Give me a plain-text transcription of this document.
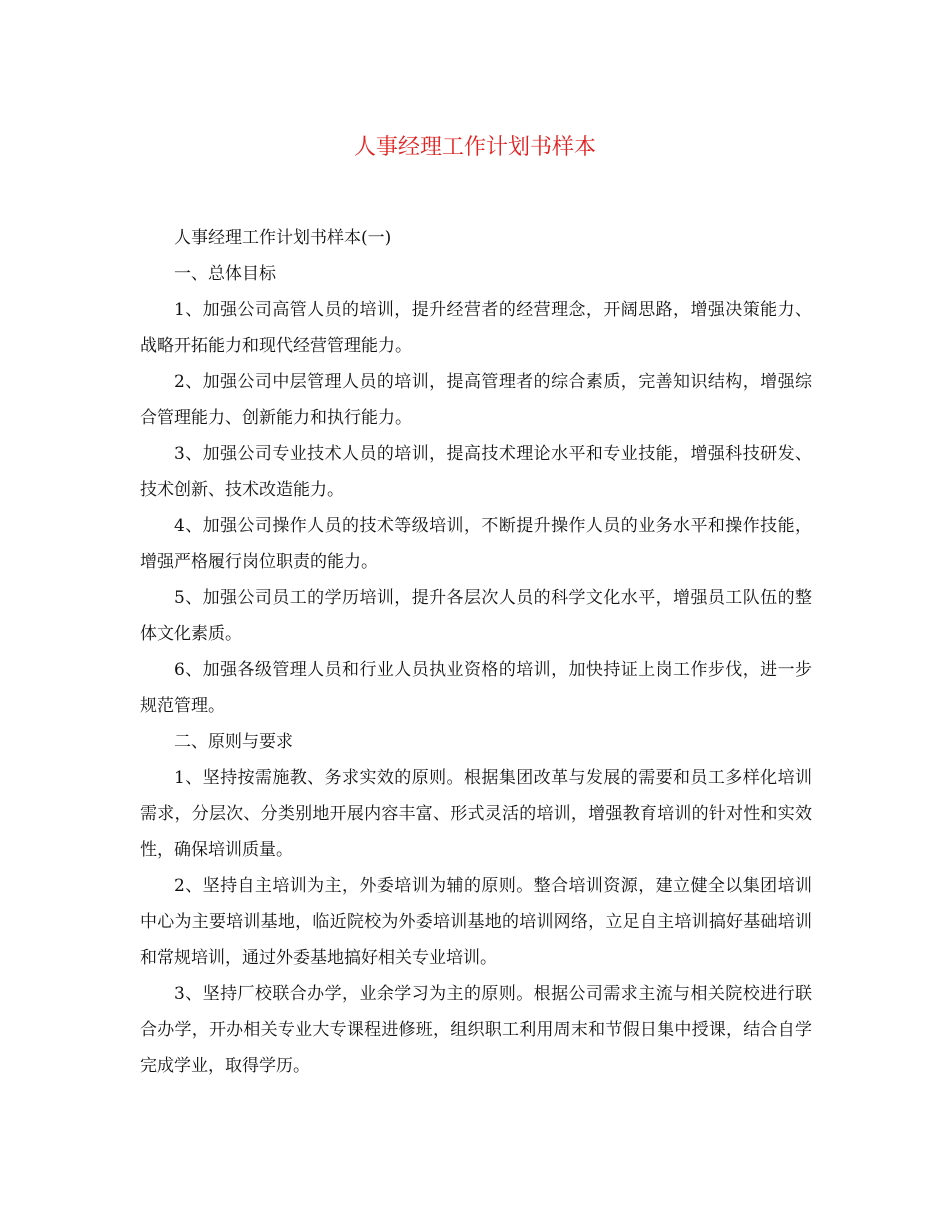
人事经理工作计划书样本

人事经理工作计划书样本(一)

一、总体目标

1、加强公司高管人员的培训，提升经营者的经营理念，开阔思路，增强决策能力、战略开拓能力和现代经营管理能力。

2、加强公司中层管理人员的培训，提高管理者的综合素质，完善知识结构，增强综合管理能力、创新能力和执行能力。

3、加强公司专业技术人员的培训，提高技术理论水平和专业技能，增强科技研发、技术创新、技术改造能力。

4、加强公司操作人员的技术等级培训，不断提升操作人员的业务水平和操作技能，增强严格履行岗位职责的能力。

5、加强公司员工的学历培训，提升各层次人员的科学文化水平，增强员工队伍的整体文化素质。

6、加强各级管理人员和行业人员执业资格的培训，加快持证上岗工作步伐，进一步规范管理。

二、原则与要求

1、坚持按需施教、务求实效的原则。根据集团改革与发展的需要和员工多样化培训需求，分层次、分类别地开展内容丰富、形式灵活的培训，增强教育培训的针对性和实效性，确保培训质量。

2、坚持自主培训为主，外委培训为辅的原则。整合培训资源，建立健全以集团培训中心为主要培训基地，临近院校为外委培训基地的培训网络，立足自主培训搞好基础培训和常规培训，通过外委基地搞好相关专业培训。

3、坚持厂校联合办学，业余学习为主的原则。根据公司需求主流与相关院校进行联合办学，开办相关专业大专课程进修班，组织职工利用周末和节假日集中授课，结合自学完成学业，取得学历。
